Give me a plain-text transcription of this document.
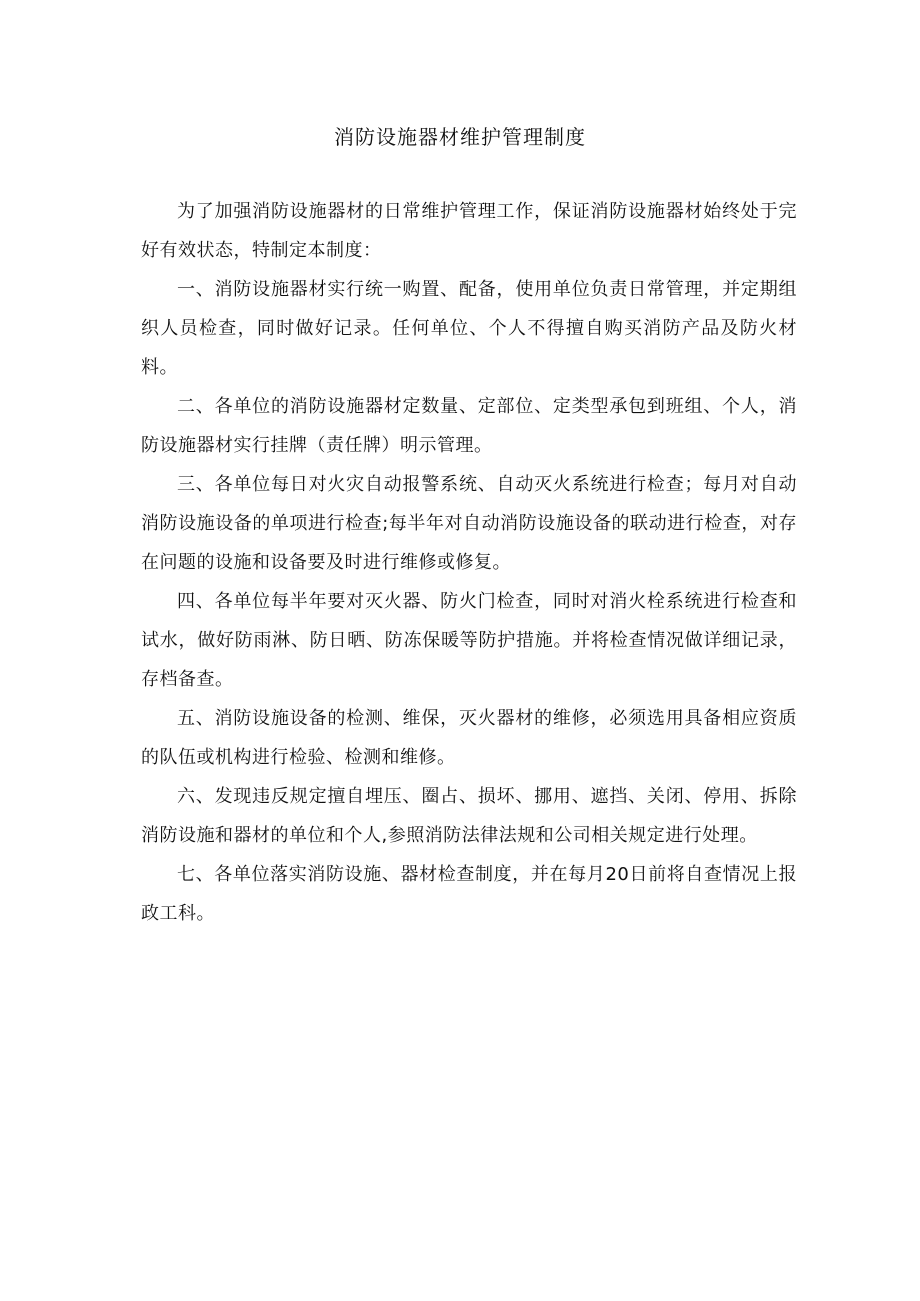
消防设施器材维护管理制度

为了加强消防设施器材的日常维护管理工作，保证消防设施器材始终处于完好有效状态，特制定本制度：

一、消防设施器材实行统一购置、配备，使用单位负责日常管理，并定期组织人员检查，同时做好记录。任何单位、个人不得擅自购买消防产品及防火材料。

二、各单位的消防设施器材定数量、定部位、定类型承包到班组、个人，消防设施器材实行挂牌（责任牌）明示管理。

三、各单位每日对火灾自动报警系统、自动灭火系统进行检查；每月对自动消防设施设备的单项进行检查;每半年对自动消防设施设备的联动进行检查，对存在问题的设施和设备要及时进行维修或修复。

四、各单位每半年要对灭火器、防火门检查，同时对消火栓系统进行检查和试水，做好防雨淋、防日晒、防冻保暖等防护措施。并将检查情况做详细记录，存档备查。

五、消防设施设备的检测、维保，灭火器材的维修，必须选用具备相应资质的队伍或机构进行检验、检测和维修。

六、发现违反规定擅自埋压、圈占、损坏、挪用、遮挡、关闭、停用、拆除消防设施和器材的单位和个人,参照消防法律法规和公司相关规定进行处理。

七、各单位落实消防设施、器材检查制度，并在每月20日前将自查情况上报政工科。
